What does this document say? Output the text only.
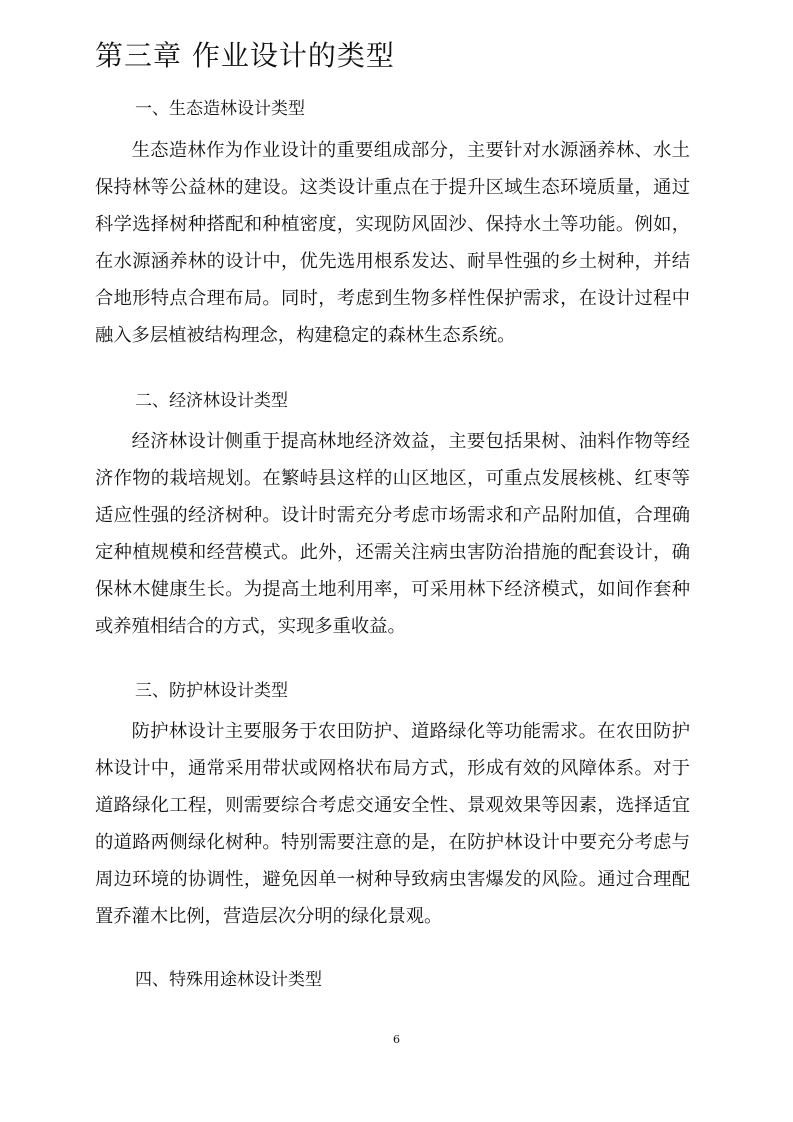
第三章 作业设计的类型
一、生态造林设计类型

生态造林作为作业设计的重要组成部分，主要针对水源涵养林、水土保持林等公益林的建设。这类设计重点在于提升区域生态环境质量，通过科学选择树种搭配和种植密度，实现防风固沙、保持水土等功能。例如，在水源涵养林的设计中，优先选用根系发达、耐旱性强的乡土树种，并结合地形特点合理布局。同时，考虑到生物多样性保护需求，在设计过程中融入多层植被结构理念，构建稳定的森林生态系统。

二、经济林设计类型

经济林设计侧重于提高林地经济效益，主要包括果树、油料作物等经济作物的栽培规划。在繁峙县这样的山区地区，可重点发展核桃、红枣等适应性强的经济树种。设计时需充分考虑市场需求和产品附加值，合理确定种植规模和经营模式。此外，还需关注病虫害防治措施的配套设计，确保林木健康生长。为提高土地利用率，可采用林下经济模式，如间作套种或养殖相结合的方式，实现多重收益。

三、防护林设计类型

防护林设计主要服务于农田防护、道路绿化等功能需求。在农田防护林设计中，通常采用带状或网格状布局方式，形成有效的风障体系。对于道路绿化工程，则需要综合考虑交通安全性、景观效果等因素，选择适宜的道路两侧绿化树种。特别需要注意的是，在防护林设计中要充分考虑与周边环境的协调性，避免因单一树种导致病虫害爆发的风险。通过合理配置乔灌木比例，营造层次分明的绿化景观。

四、特殊用途林设计类型
6
